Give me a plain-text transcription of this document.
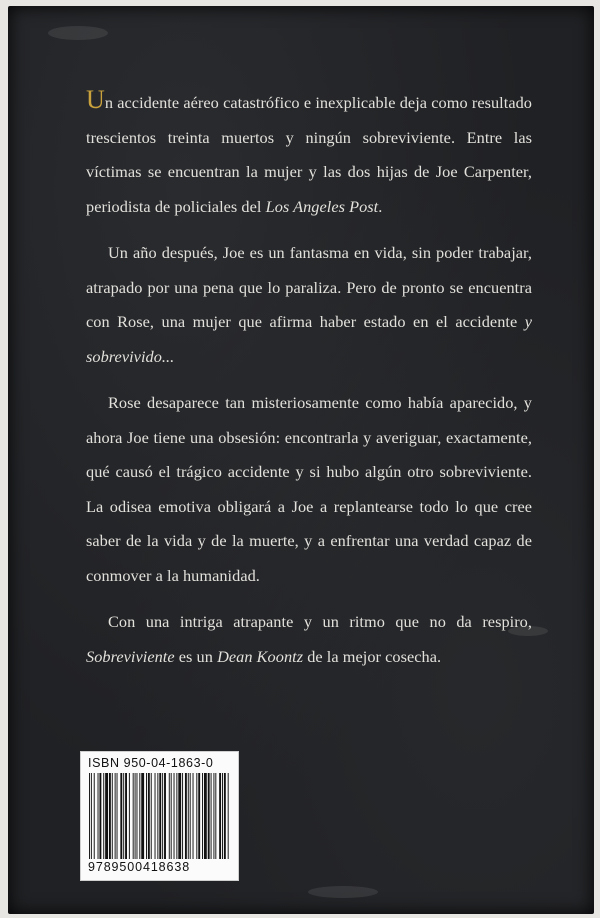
Un accidente aéreo catastrófico e inexplicable deja como resultado trescientos treinta muertos y ningún sobreviviente. Entre las víctimas se encuentran la mujer y las dos hijas de Joe Carpenter, periodista de policiales del Los Angeles Post.

Un año después, Joe es un fantasma en vida, sin poder trabajar, atrapado por una pena que lo paraliza. Pero de pronto se encuentra con Rose, una mujer que afirma haber estado en el accidente y sobrevivido...

Rose desaparece tan misteriosamente como había aparecido, y ahora Joe tiene una obsesión: encontrarla y averiguar, exactamente, qué causó el trágico accidente y si hubo algún otro sobreviviente. La odisea emotiva obligará a Joe a replantearse todo lo que cree saber de la vida y de la muerte, y a enfrentar una verdad capaz de conmover a la humanidad.

Con una intriga atrapante y un ritmo que no da respiro, Sobreviviente es un Dean Koontz de la mejor cosecha.

ISBN 950-04-1863-0
9789500418638
